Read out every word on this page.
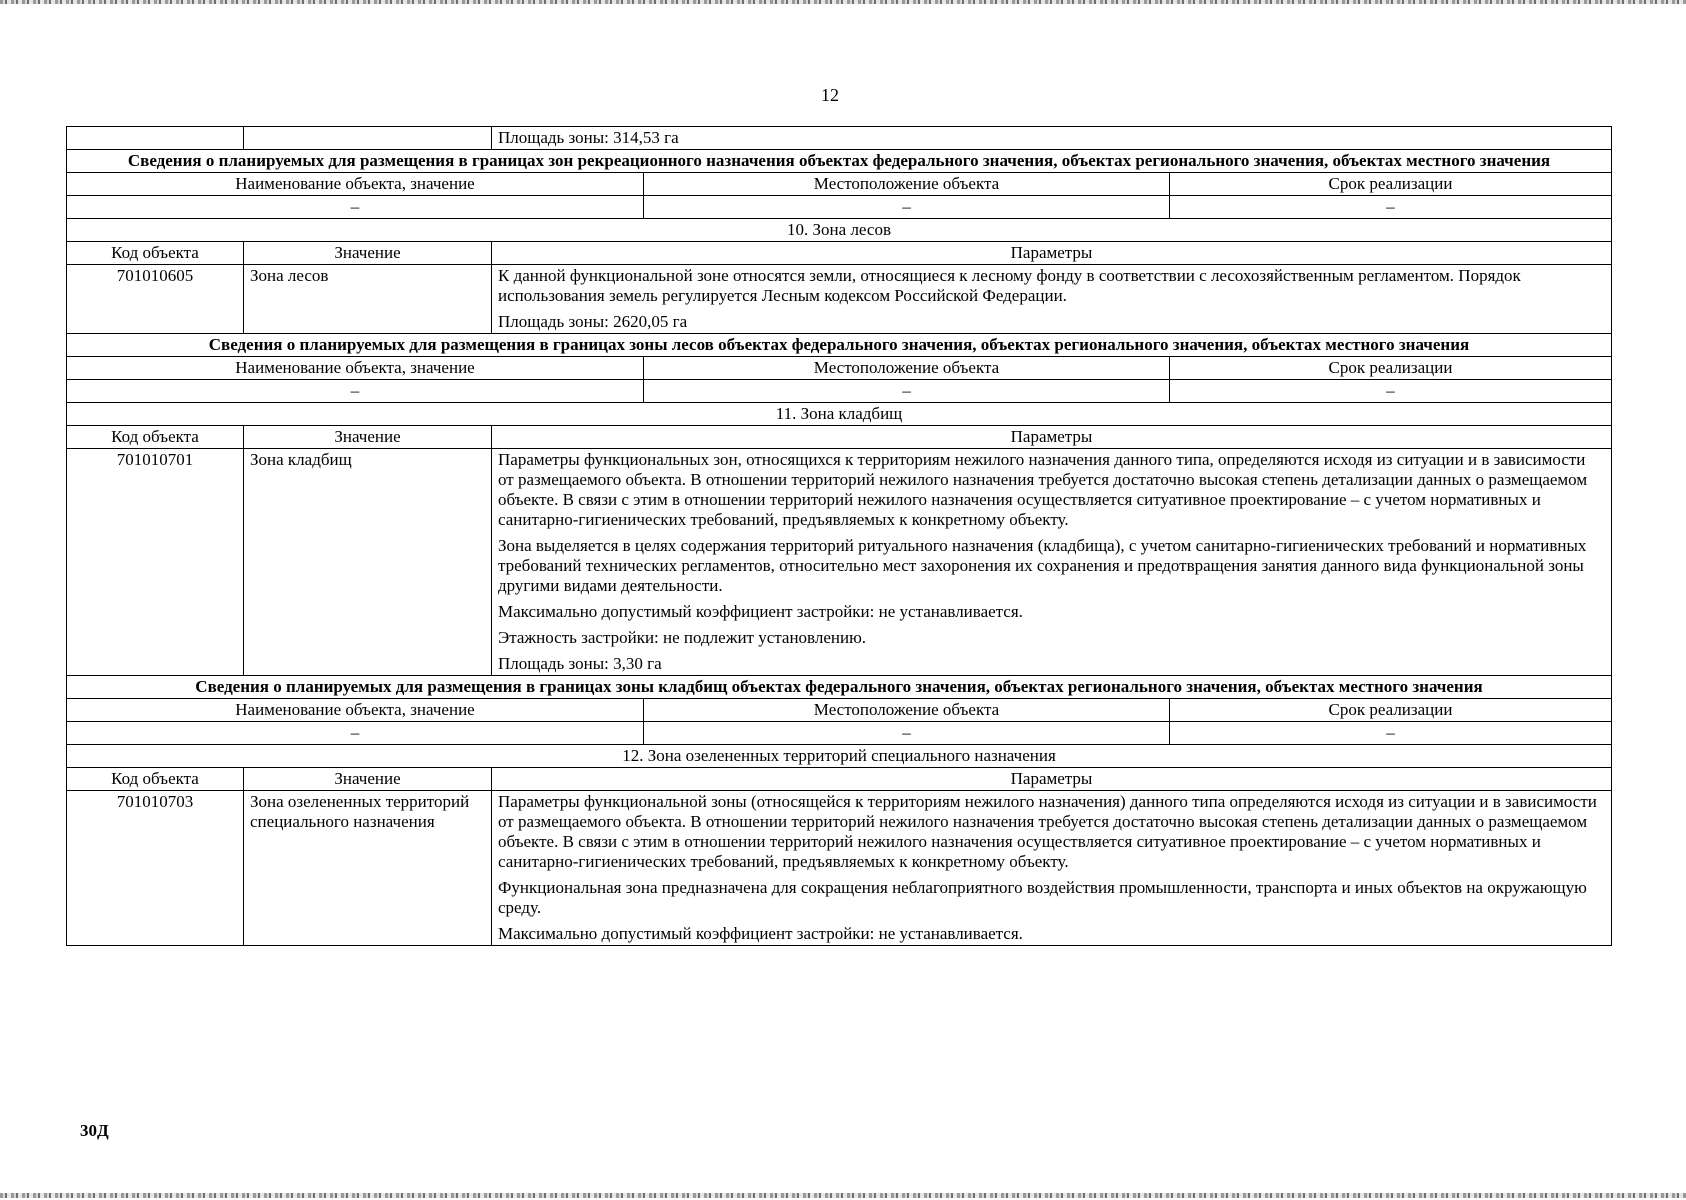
12
		Площадь зоны: 314,53 га		
Сведения о планируемых для размещения в границах зон рекреационного назначения объектах федерального значения, объектах регионального значения, объектах местного значения				
Наименование объекта, значение			Местоположение объекта	Срок реализации
–			–	–
10. Зона лесов				
Код объекта	Значение	Параметры		
701010605	Зона лесов	К данной функциональной зоне относятся земли, относящиеся к лесному фонду в соответствии с лесохозяйственным регламентом. Порядок использования земель регулируется Лесным кодексом Российской Федерации.

Площадь зоны: 2620,05 га		

Сведения о планируемых для размещения в границах зоны лесов объектах федерального значения, объектах регионального значения, объектах местного значения				
Наименование объекта, значение			Местоположение объекта	Срок реализации
–			–	–
11. Зона кладбищ				
Код объекта	Значение	Параметры		
701010701	Зона кладбищ	Параметры функциональных зон, относящихся к территориям нежилого назначения данного типа, определяются исходя из ситуации и в зависимости от размещаемого объекта. В отношении территорий нежилого назначения требуется достаточно высокая степень детализации данных о размещаемом объекте. В связи с этим в отношении территорий нежилого назначения осуществляется ситуативное проектирование – с учетом нормативных и санитарно-гигиенических требований, предъявляемых к конкретному объекту.

Зона выделяется в целях содержания территорий ритуального назначения (кладбища), с учетом санитарно-гигиенических требований и нормативных требований технических регламентов, относительно мест захоронения их сохранения и предотвращения занятия данного вида функциональной зоны другими видами деятельности.

Максимально допустимый коэффициент застройки: не устанавливается.

Этажность застройки: не подлежит установлению.

Площадь зоны: 3,30 га		

Сведения о планируемых для размещения в границах зоны кладбищ объектах федерального значения, объектах регионального значения, объектах местного значения				
Наименование объекта, значение			Местоположение объекта	Срок реализации
–			–	–
12. Зона озелененных территорий специального назначения				
Код объекта	Значение	Параметры		
701010703	Зона озелененных территорий специального назначения	Параметры функциональной зоны (относящейся к территориям нежилого назначения) данного типа определяются исходя из ситуации и в зависимости от размещаемого объекта. В отношении территорий нежилого назначения требуется достаточно высокая степень детализации данных о размещаемом объекте. В связи с этим в отношении территорий нежилого назначения осуществляется ситуативное проектирование – с учетом нормативных и санитарно-гигиенических требований, предъявляемых к конкретному объекту.

Функциональная зона предназначена для сокращения неблагоприятного воздействия промышленности, транспорта и иных объектов на окружающую среду.

Максимально допустимый коэффициент застройки: не устанавливается.		

30Д
